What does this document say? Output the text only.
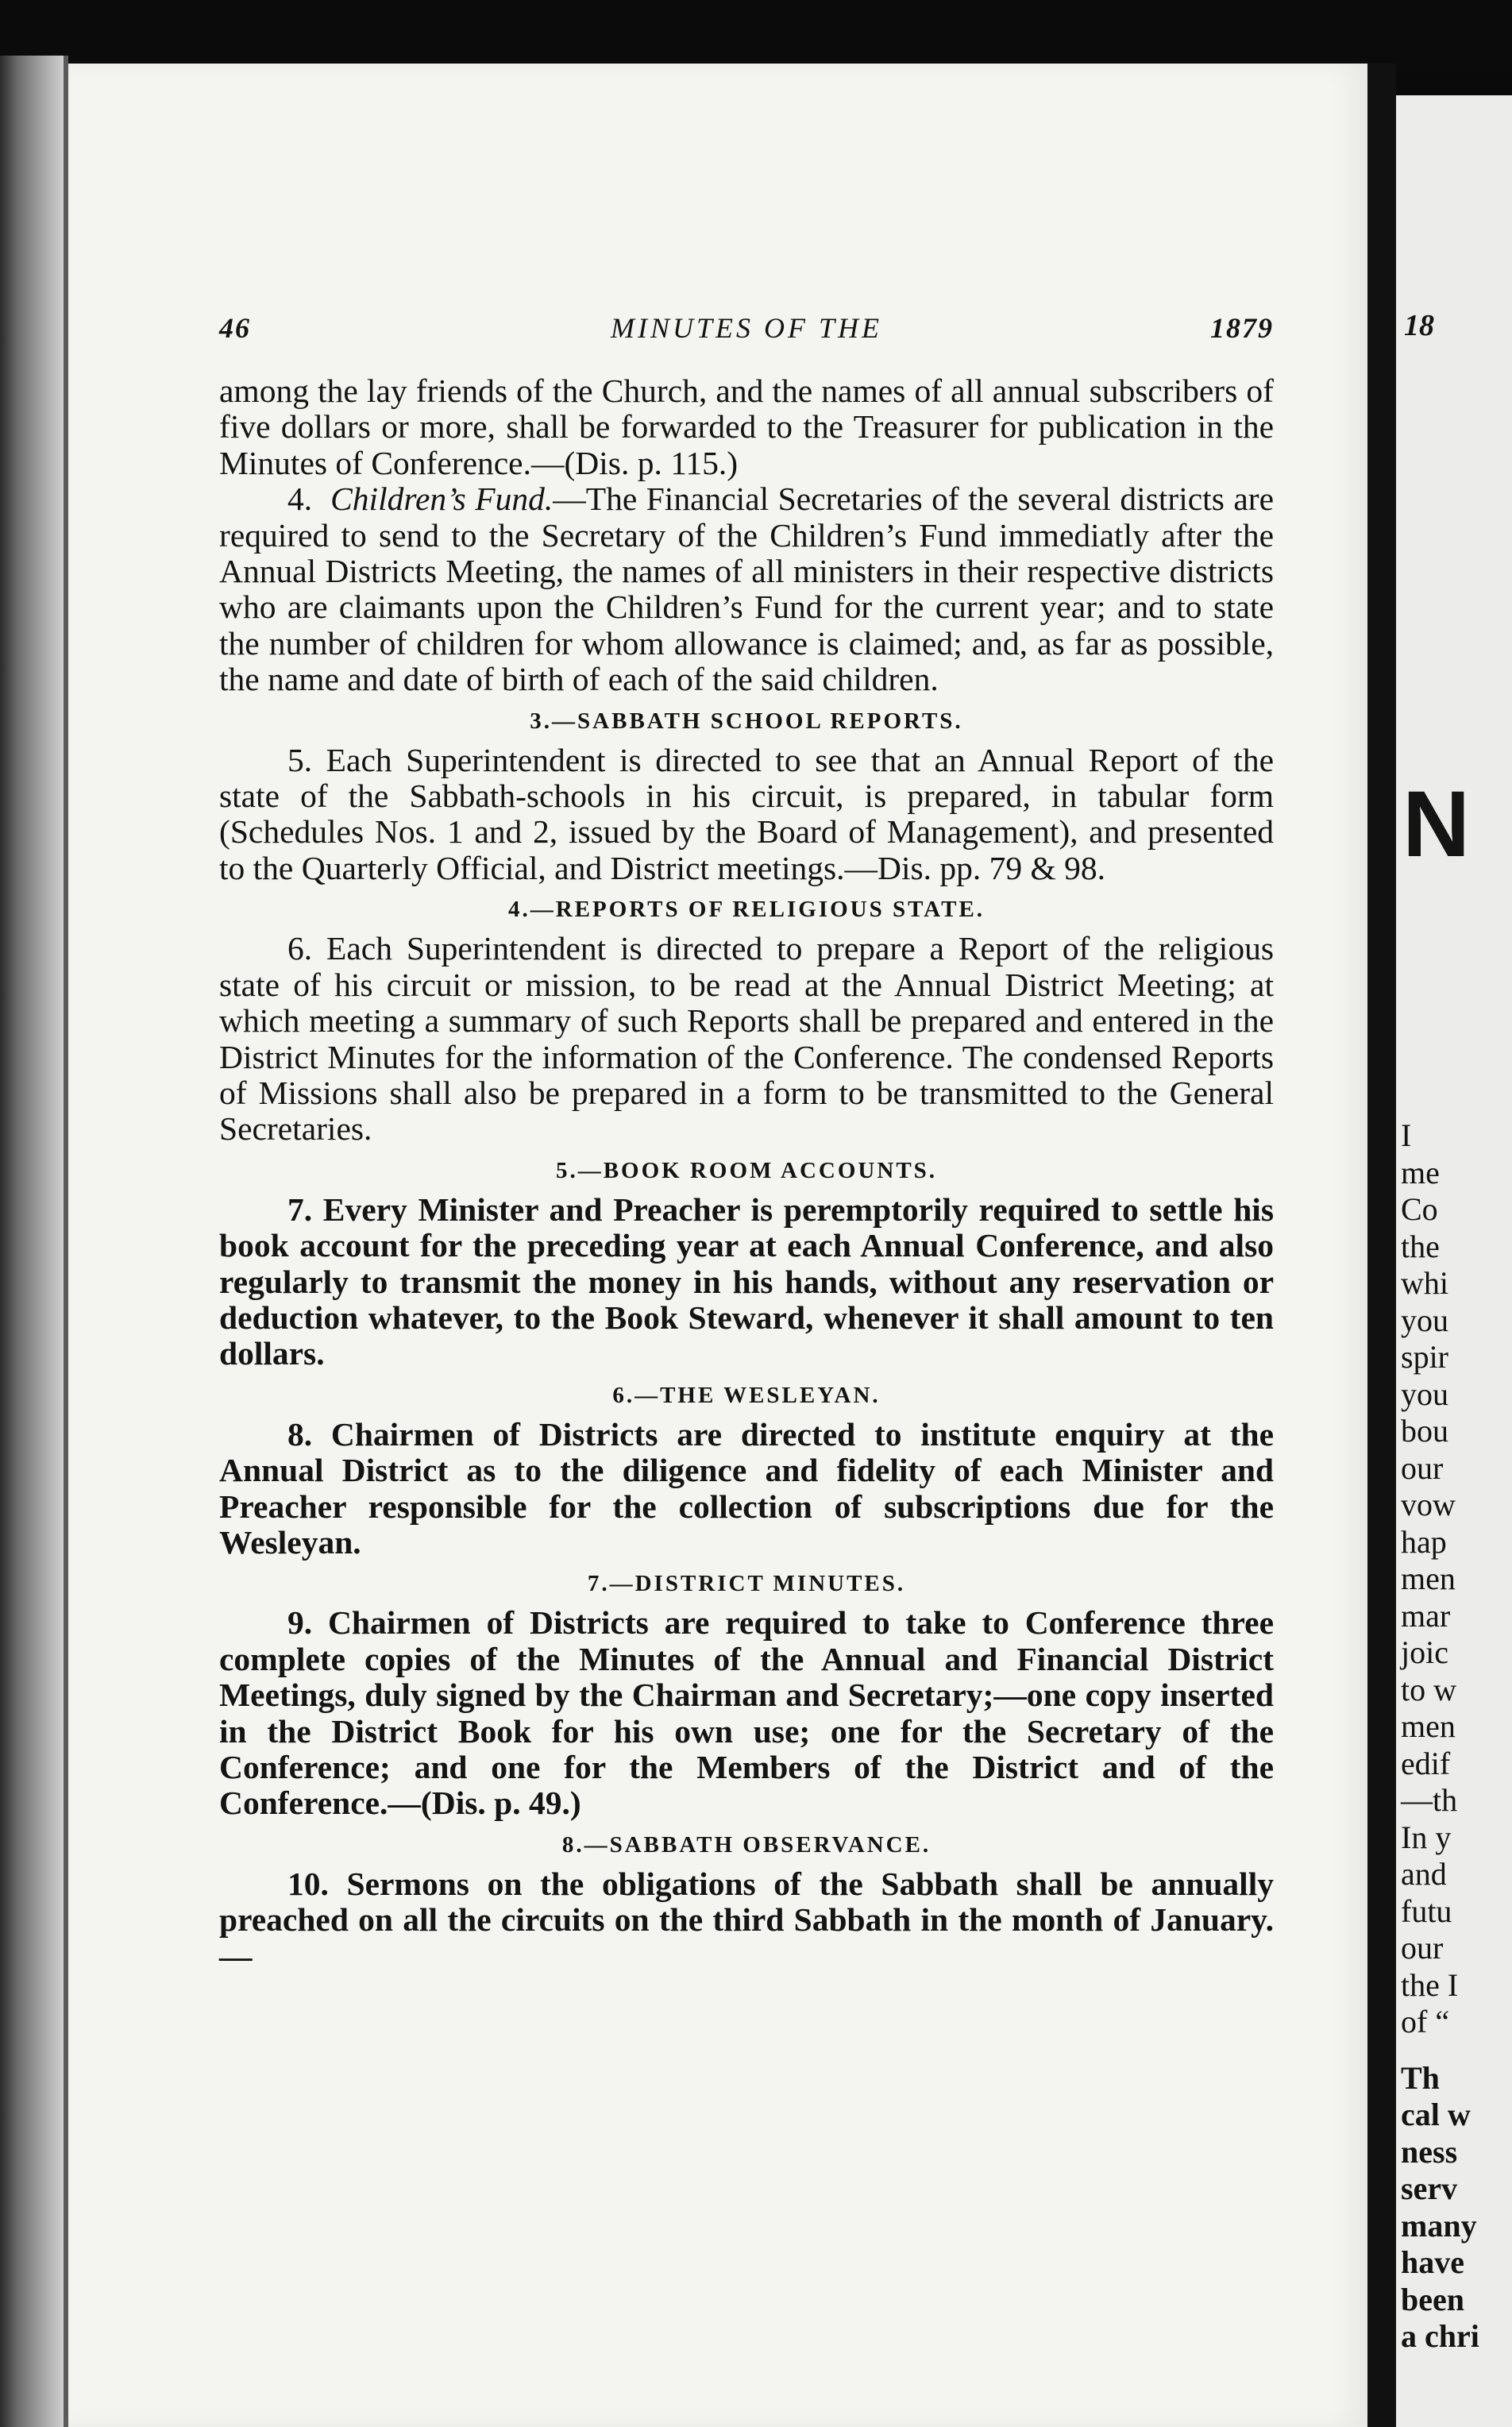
18
N
I
me
Co
the
whi
you
spir
you
bou
our
vow
hap
men
mar
joic
to w
men
edif
—th
In y
and
futu
our
the I
of “
Th
cal w
ness
serv
many
have
been
a chri
46	MINUTES OF THE	1879

among the lay friends of the Church, and the names of all annual subscribers of five dollars or more, shall be forwarded to the Treasurer for publication in the Minutes of Conference.—(Dis. p. 115.)

4. Children’s Fund.—The Financial Secretaries of the several districts are required to send to the Secretary of the Children’s Fund immediatly after the Annual Districts Meeting, the names of all ministers in their respective districts who are claimants upon the Children’s Fund for the current year; and to state the number of children for whom allowance is claimed; and, as far as possible, the name and date of birth of each of the said children.

3.—SABBATH SCHOOL REPORTS.

5. Each Superintendent is directed to see that an Annual Report of the state of the Sabbath-schools in his circuit, is prepared, in tabular form (Schedules Nos. 1 and 2, issued by the Board of Management), and presented to the Quarterly Official, and District meetings.—Dis. pp. 79 & 98.

4.—REPORTS OF RELIGIOUS STATE.

6. Each Superintendent is directed to prepare a Report of the religious state of his circuit or mission, to be read at the Annual District Meeting; at which meeting a summary of such Reports shall be prepared and entered in the District Minutes for the information of the Conference. The condensed Reports of Missions shall also be prepared in a form to be transmitted to the General Secretaries.

5.—BOOK ROOM ACCOUNTS.

7. Every Minister and Preacher is peremptorily required to settle his book account for the preceding year at each Annual Conference, and also regularly to transmit the money in his hands, without any reservation or deduction whatever, to the Book Steward, whenever it shall amount to ten dollars.

6.—THE WESLEYAN.

8. Chairmen of Districts are directed to institute enquiry at the Annual District as to the diligence and fidelity of each Minister and Preacher responsible for the collection of subscriptions due for the Wesleyan.

7.—DISTRICT MINUTES.

9. Chairmen of Districts are required to take to Conference three complete copies of the Minutes of the Annual and Financial District Meetings, duly signed by the Chairman and Secretary;—one copy inserted in the District Book for his own use; one for the Secretary of the Conference; and one for the Members of the District and of the Conference.—(Dis. p. 49.)

8.—SABBATH OBSERVANCE.

10. Sermons on the obligations of the Sabbath shall be annually preached on all the circuits on the third Sabbath in the month of January.—
